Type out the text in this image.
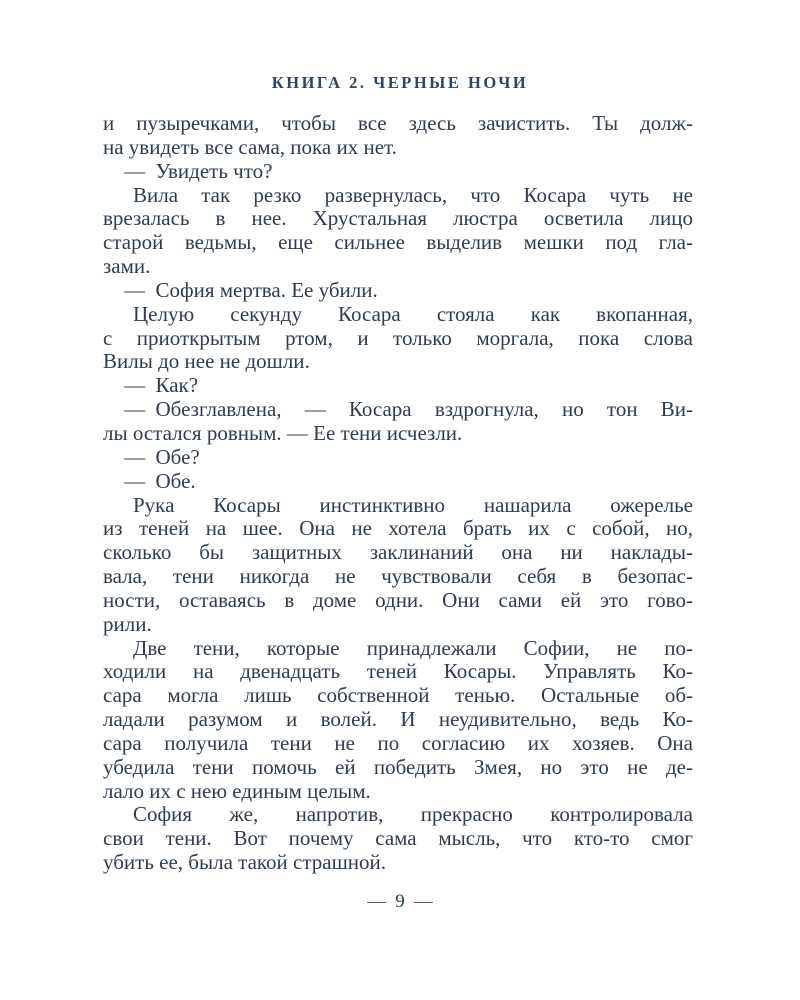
КНИГА 2. ЧЕРНЫЕ НОЧИ
и пузыречками, чтобы все здесь зачистить. Ты долж-
на увидеть все сама, пока их нет.
— Увидеть что?
Вила так резко развернулась, что Косара чуть не
врезалась в нее. Хрустальная люстра осветила лицо
старой ведьмы, еще сильнее выделив мешки под гла-
зами.
— София мертва. Ее убили.
Целую секунду Косара стояла как вкопанная,
с приоткрытым ртом, и только моргала, пока слова
Вилы до нее не дошли.
— Как?
— Обезглавлена, — Косара вздрогнула, но тон Ви-
лы остался ровным. — Ее тени исчезли.
— Обе?
— Обе.
Рука Косары инстинктивно нашарила ожерелье
из теней на шее. Она не хотела брать их с собой, но,
сколько бы защитных заклинаний она ни наклады-
вала, тени никогда не чувствовали себя в безопас-
ности, оставаясь в доме одни. Они сами ей это гово-
рили.
Две тени, которые принадлежали Софии, не по-
ходили на двенадцать теней Косары. Управлять Ко-
сара могла лишь собственной тенью. Остальные об-
ладали разумом и волей. И неудивительно, ведь Ко-
сара получила тени не по согласию их хозяев. Она
убедила тени помочь ей победить Змея, но это не де-
лало их с нею единым целым.
София же, напротив, прекрасно контролировала
свои тени. Вот почему сама мысль, что кто-то смог
убить ее, была такой страшной.
— 9 —
